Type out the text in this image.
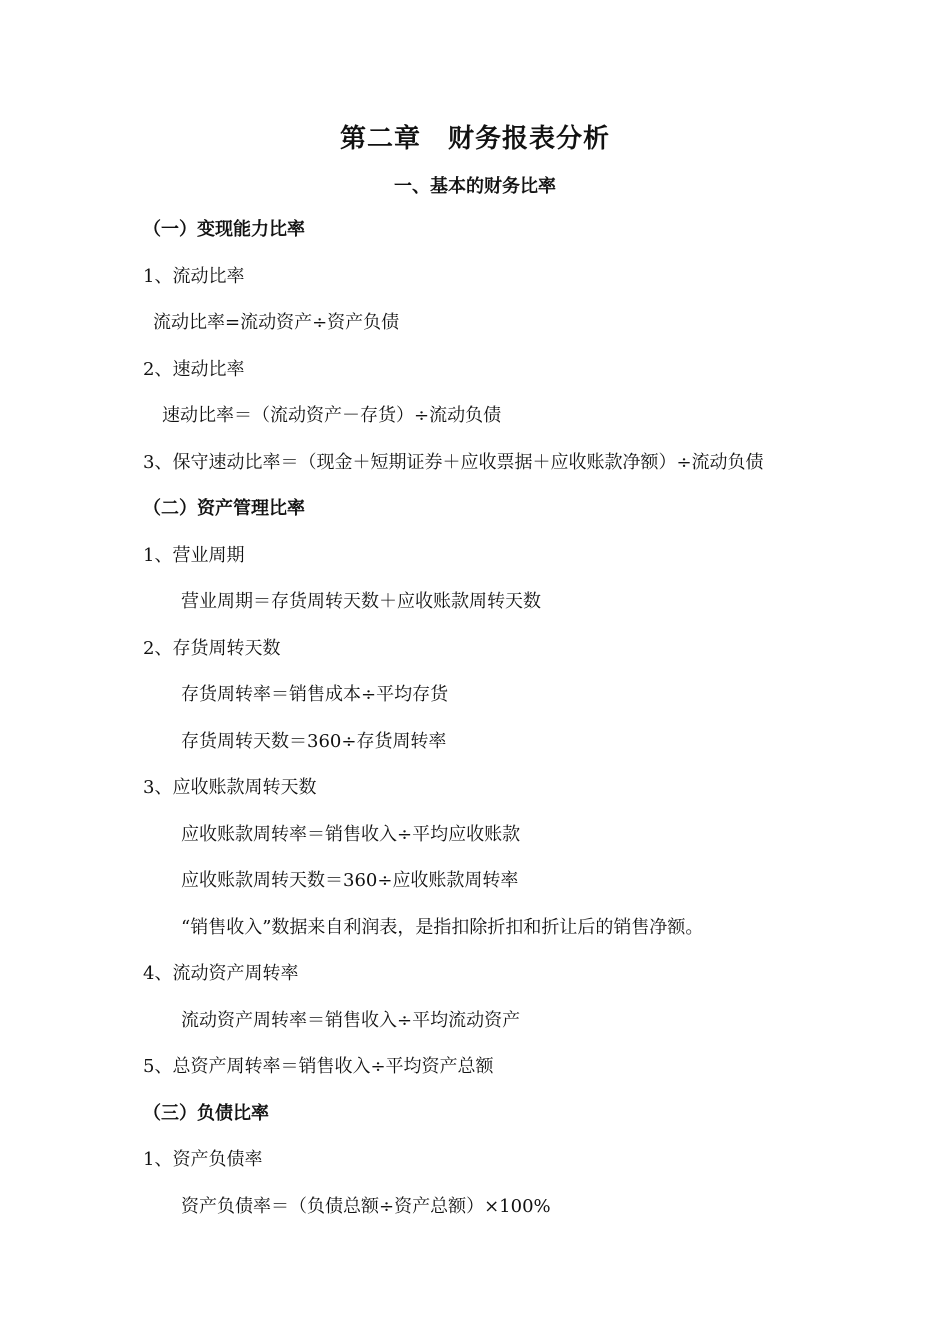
第二章　财务报表分析
一、基本的财务比率
（一）变现能力比率
1、流动比率
流动比率=流动资产÷资产负债
2、速动比率
速动比率＝（流动资产－存货）÷流动负债
3、保守速动比率＝（现金＋短期证券＋应收票据＋应收账款净额）÷流动负债
（二）资产管理比率
1、营业周期
营业周期＝存货周转天数＋应收账款周转天数
2、存货周转天数
存货周转率＝销售成本÷平均存货
存货周转天数＝360÷存货周转率
3、应收账款周转天数
应收账款周转率＝销售收入÷平均应收账款
应收账款周转天数＝360÷应收账款周转率
“销售收入”数据来自利润表，是指扣除折扣和折让后的销售净额。
4、流动资产周转率
流动资产周转率＝销售收入÷平均流动资产
5、总资产周转率＝销售收入÷平均资产总额
（三）负债比率
1、资产负债率
资产负债率＝（负债总额÷资产总额）×100%
